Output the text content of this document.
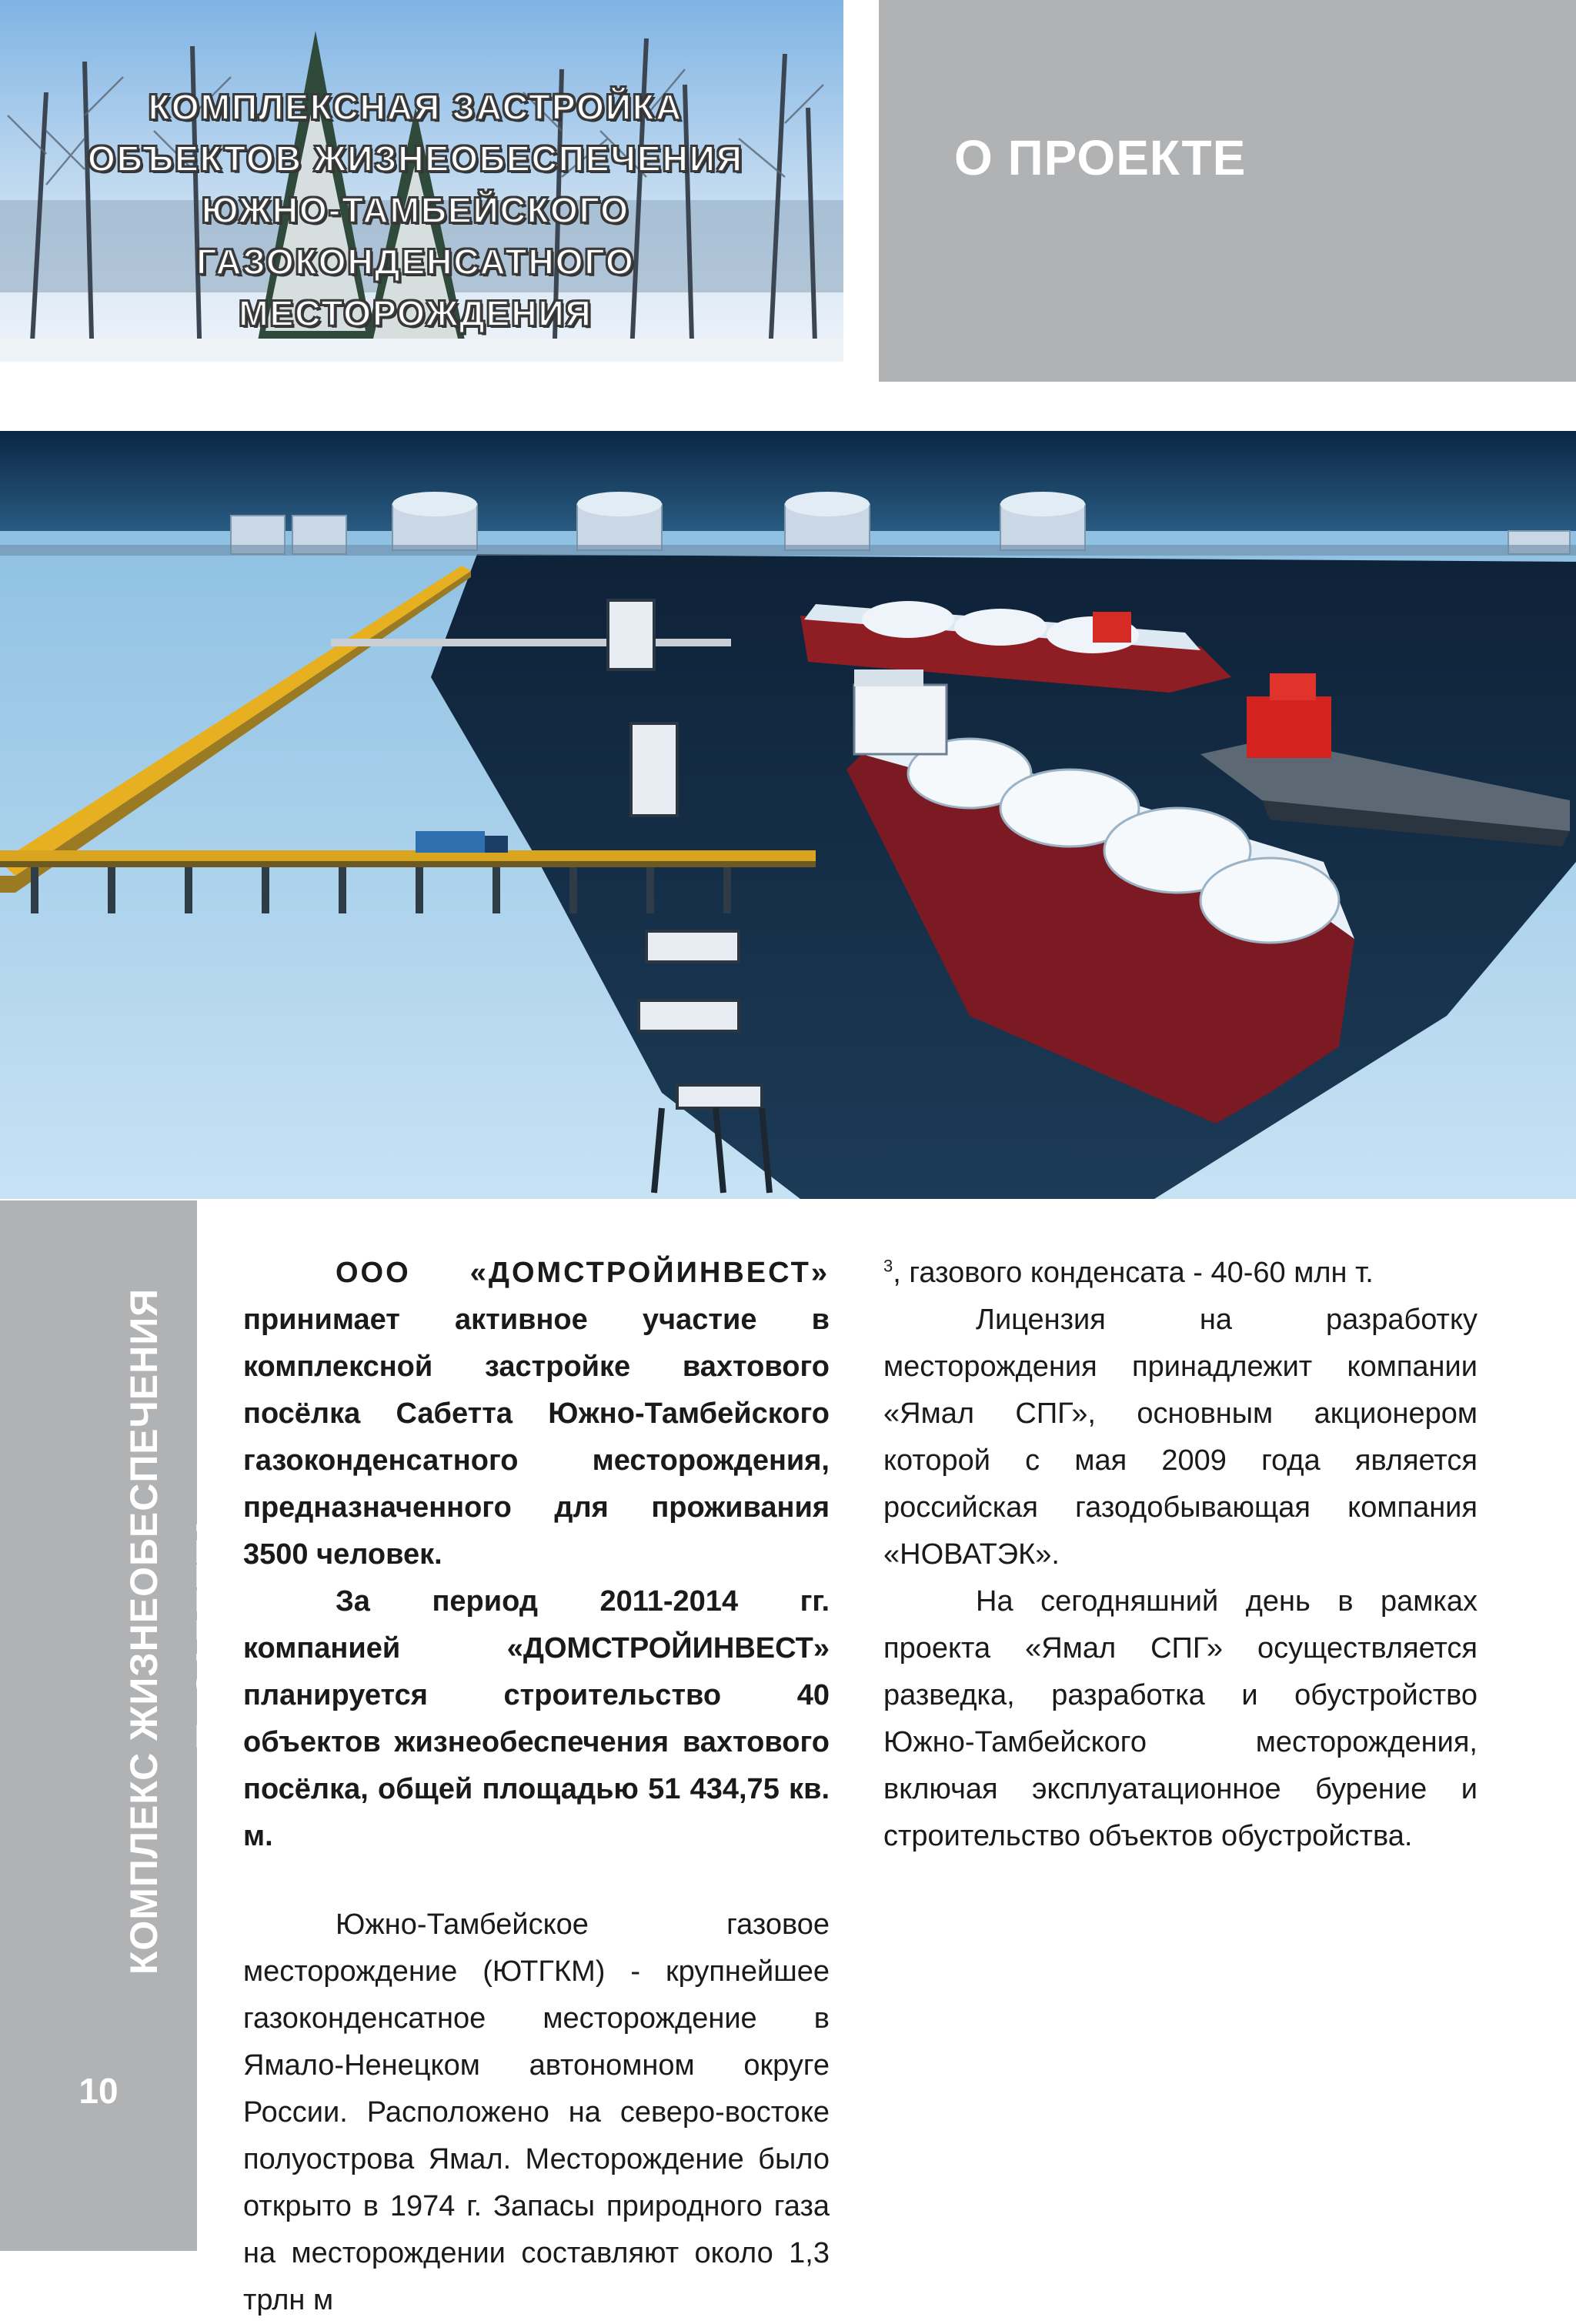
КОМПЛЕКСНАЯ ЗАСТРОЙКА
ОБЪЕКТОВ ЖИЗНЕОБЕСПЕЧЕНИЯ
ЮЖНО-ТАМБЕЙСКОГО
ГАЗОКОНДЕНСАТНОГО
МЕСТОРОЖДЕНИЯ
О ПРОЕКТЕ
КОМПЛЕКС ЖИЗНЕОБЕСПЕЧЕНИЯ П. САБЕТТА
10

ООО «ДОМСТРОЙИНВЕСТ» принимает активное участие в комплексной застройке вахтового посёлка Сабетта Южно-Тамбейского газоконденсатного месторождения, предназначенного для проживания 3500 человек.

За период 2011-2014 гг. компанией «ДОМСТРОЙИНВЕСТ» планируется строительство 40 объектов жизнеобеспечения вахтового посёлка, общей площадью 51 434,75 кв. м.

Южно-Тамбейское газовое месторождение (ЮТГКМ) - крупнейшее газоконденсатное месторождение в Ямало-Ненецком автономном округе России. Расположено на северо-востоке полуострова Ямал. Месторождение было открыто в 1974 г. Запасы природного газа на месторождении составляют около 1,3 трлн м

$^3$, газового конденсата - 40-60 млн т.

Лицензия на разработку месторождения принадлежит компании «Ямал СПГ», основным акционером которой с мая 2009 года является российская газодобывающая компания «НОВАТЭК».

На сегодняшний день в рамках проекта «Ямал СПГ» осуществляется разведка, разработка и обустройство Южно-Тамбейского месторождения, включая эксплуатационное бурение и строительство объектов обустройства.
